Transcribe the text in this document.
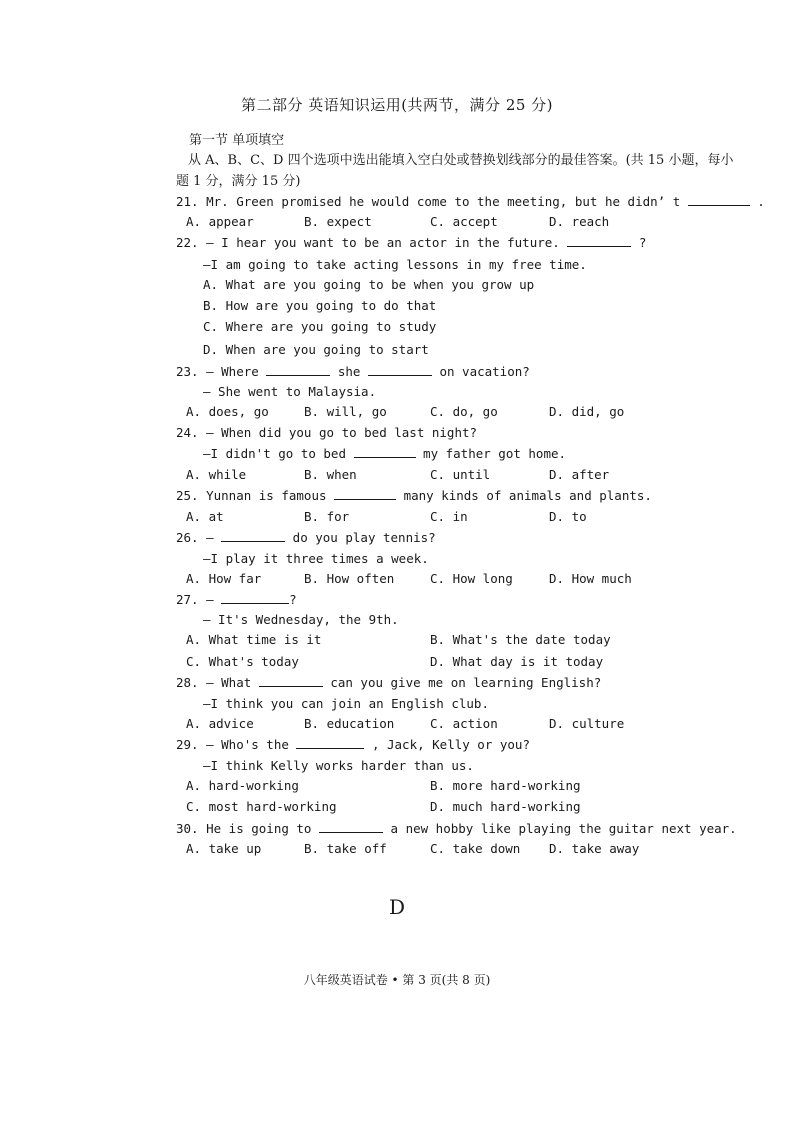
第二部分 英语知识运用(共两节，满分 25 分)
第一节 单项填空
从 A、B、C、D 四个选项中选出能填入空白处或替换划线部分的最佳答案。(共 15 小题，每小题 1 分，满分 15 分)
21. Mr. Green promised he would come to the meeting, but he didn’ t	.
A. appear	B. expect	C. accept	D. reach
22. — I hear you want to be an actor in the future.	?
—I am going to take acting lessons in my free time.
A. What are you going to be when you grow up
B. How are you going to do that
C. Where are you going to study
D. When are you going to start
23. — Where	she	on vacation?
— She went to Malaysia.
A. does, go	B. will, go	C. do, go	D. did, go
24. — When did you go to bed last night?
—I didn't go to bed	my father got home.
A. while	B. when	C. until	D. after
25. Yunnan is famous	many kinds of animals and plants.
A. at	B. for	C. in	D. to
26. —	do you play tennis?
—I play it three times a week.
A. How far	B. How often	C. How long	D. How much
27. —	?
— It's Wednesday, the 9th.
A. What time is it	B. What's the date today
C. What's today	D. What day is it today
28. — What	can you give me on learning English?
—I think you can join an English club.
A. advice	B. education	C. action	D. culture
29. — Who's the	, Jack, Kelly or you?
—I think Kelly works harder than us.
A. hard-working	B. more hard-working
C. most hard-working	D. much hard-working
30. He is going to	a new hobby like playing the guitar next year.
A. take up	B. take off	C. take down D. take away
D
八年级英语试卷 • 第 3 页(共 8 页)
